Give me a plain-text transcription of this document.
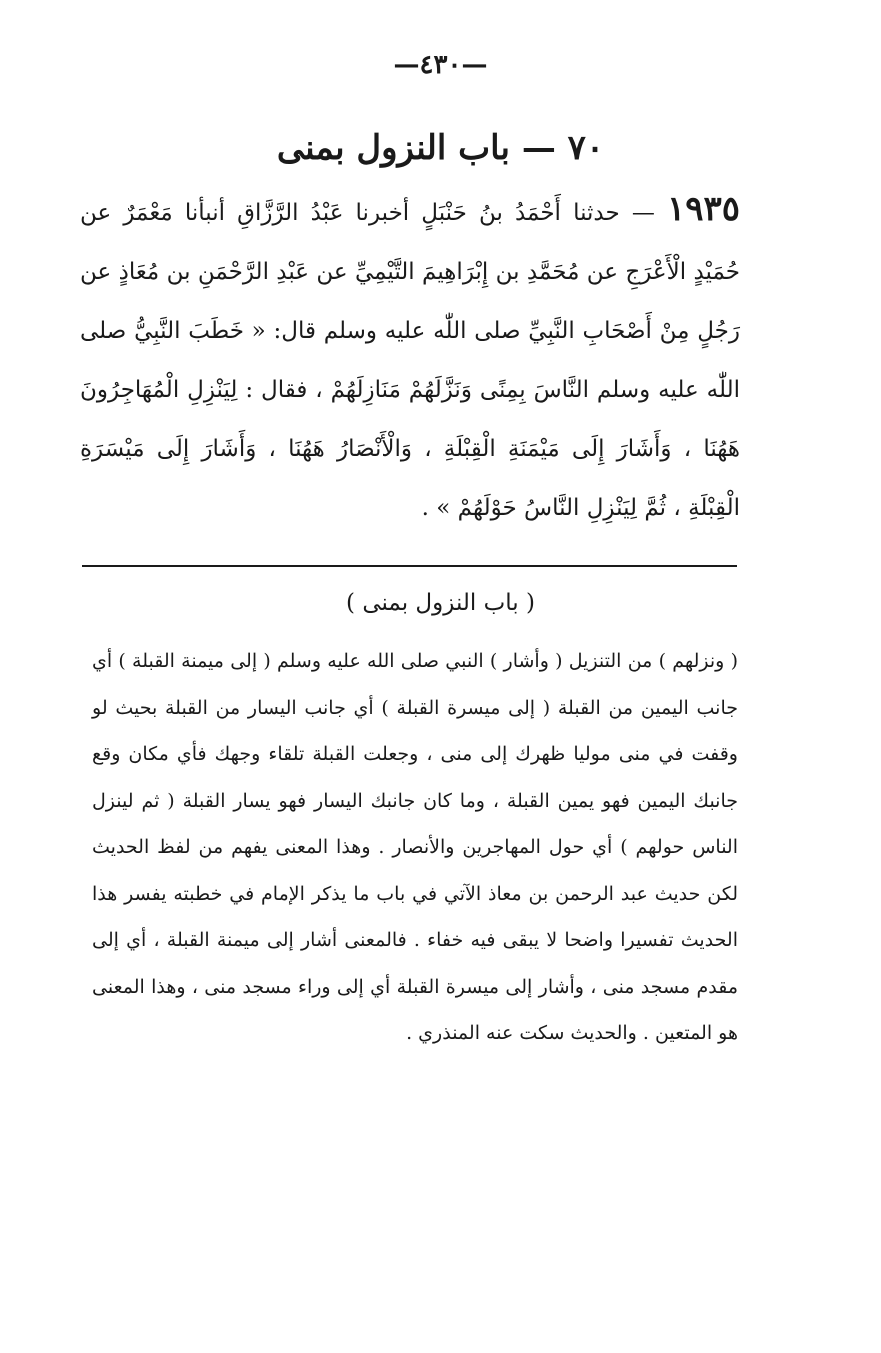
—٤٣٠—
٧٠ — باب النزول بمنى
١٩٣٥ — حدثنا أَحْمَدُ بنُ حَنْبَلٍ أخبرنا عَبْدُ الرَّزَّاقِ أنبأنا مَعْمَرٌ عن حُمَيْدٍ الْأَعْرَجِ عن مُحَمَّدِ بن إِبْرَاهِيمَ التَّيْمِيِّ عن عَبْدِ الرَّحْمَنِ بن مُعَاذٍ عن رَجُلٍ مِنْ أَصْحَابِ النَّبِيِّ صلى اللّٰه عليه وسلم قال: « خَطَبَ النَّبِيُّ صلى اللّٰه عليه وسلم النَّاسَ بِمِنًى وَنَزَّلَهُمْ مَنَازِلَهُمْ ، فقال : لِيَنْزِلِ الْمُهَاجِرُونَ هَهُنَا ، وَأَشَارَ إِلَى مَيْمَنَةِ الْقِبْلَةِ ، وَالْأَنْصَارُ هَهُنَا ، وَأَشَارَ إِلَى مَيْسَرَةِ الْقِبْلَةِ ، ثُمَّ لِيَنْزِلِ النَّاسُ حَوْلَهُمْ » .
( باب النزول بمنى )
( ونزلهم ) من التنزيل ( وأشار ) النبي صلى الله عليه وسلم ( إلى ميمنة القبلة ) أي جانب اليمين من القبلة ( إلى ميسرة القبلة ) أي جانب اليسار من القبلة بحيث لو وقفت في منى موليا ظهرك إلى منى ، وجعلت القبلة تلقاء وجهك فأي مكان وقع جانبك اليمين فهو يمين القبلة ، وما كان جانبك اليسار فهو يسار القبلة ( ثم لينزل الناس حولهم ) أي حول المهاجرين والأنصار . وهذا المعنى يفهم من لفظ الحديث لكن حديث عبد الرحمن بن معاذ الآتي في باب ما يذكر الإمام في خطبته يفسر هذا الحديث تفسيرا واضحا لا يبقى فيه خفاء . فالمعنى أشار إلى ميمنة القبلة ، أي إلى مقدم مسجد منى ، وأشار إلى ميسرة القبلة أي إلى وراء مسجد منى ، وهذا المعنى هو المتعين . والحديث سكت عنه المنذري .
